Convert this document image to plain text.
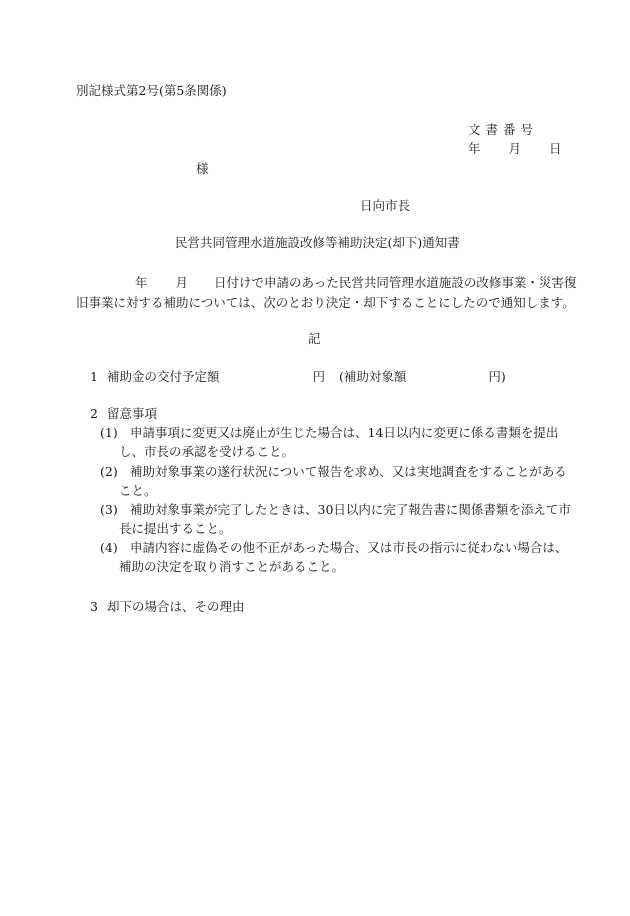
別記様式第2号(第5条関係)
文書番号
年 月 日
様
日向市長
民営共同管理水道施設改修等補助決定(却下)通知書

年 月 日付けで申請のあった民営共同管理水道施設の改修事業・災害復

旧事業に対する補助については、次のとおり決定・却下することにしたので通知します。

記
1 補助金の交付予定額	円 (補助対象額	円)
2 留意事項
(1) 申請事項に変更又は廃止が生じた場合は、14日以内に変更に係る書類を提出
し、市長の承認を受けること。
(2) 補助対象事業の遂行状況について報告を求め、又は実地調査をすることがある
こと。
(3) 補助対象事業が完了したときは、30日以内に完了報告書に関係書類を添えて市
長に提出すること。
(4) 申請内容に虚偽その他不正があった場合、又は市長の指示に従わない場合は、
補助の決定を取り消すことがあること。
3 却下の場合は、その理由
